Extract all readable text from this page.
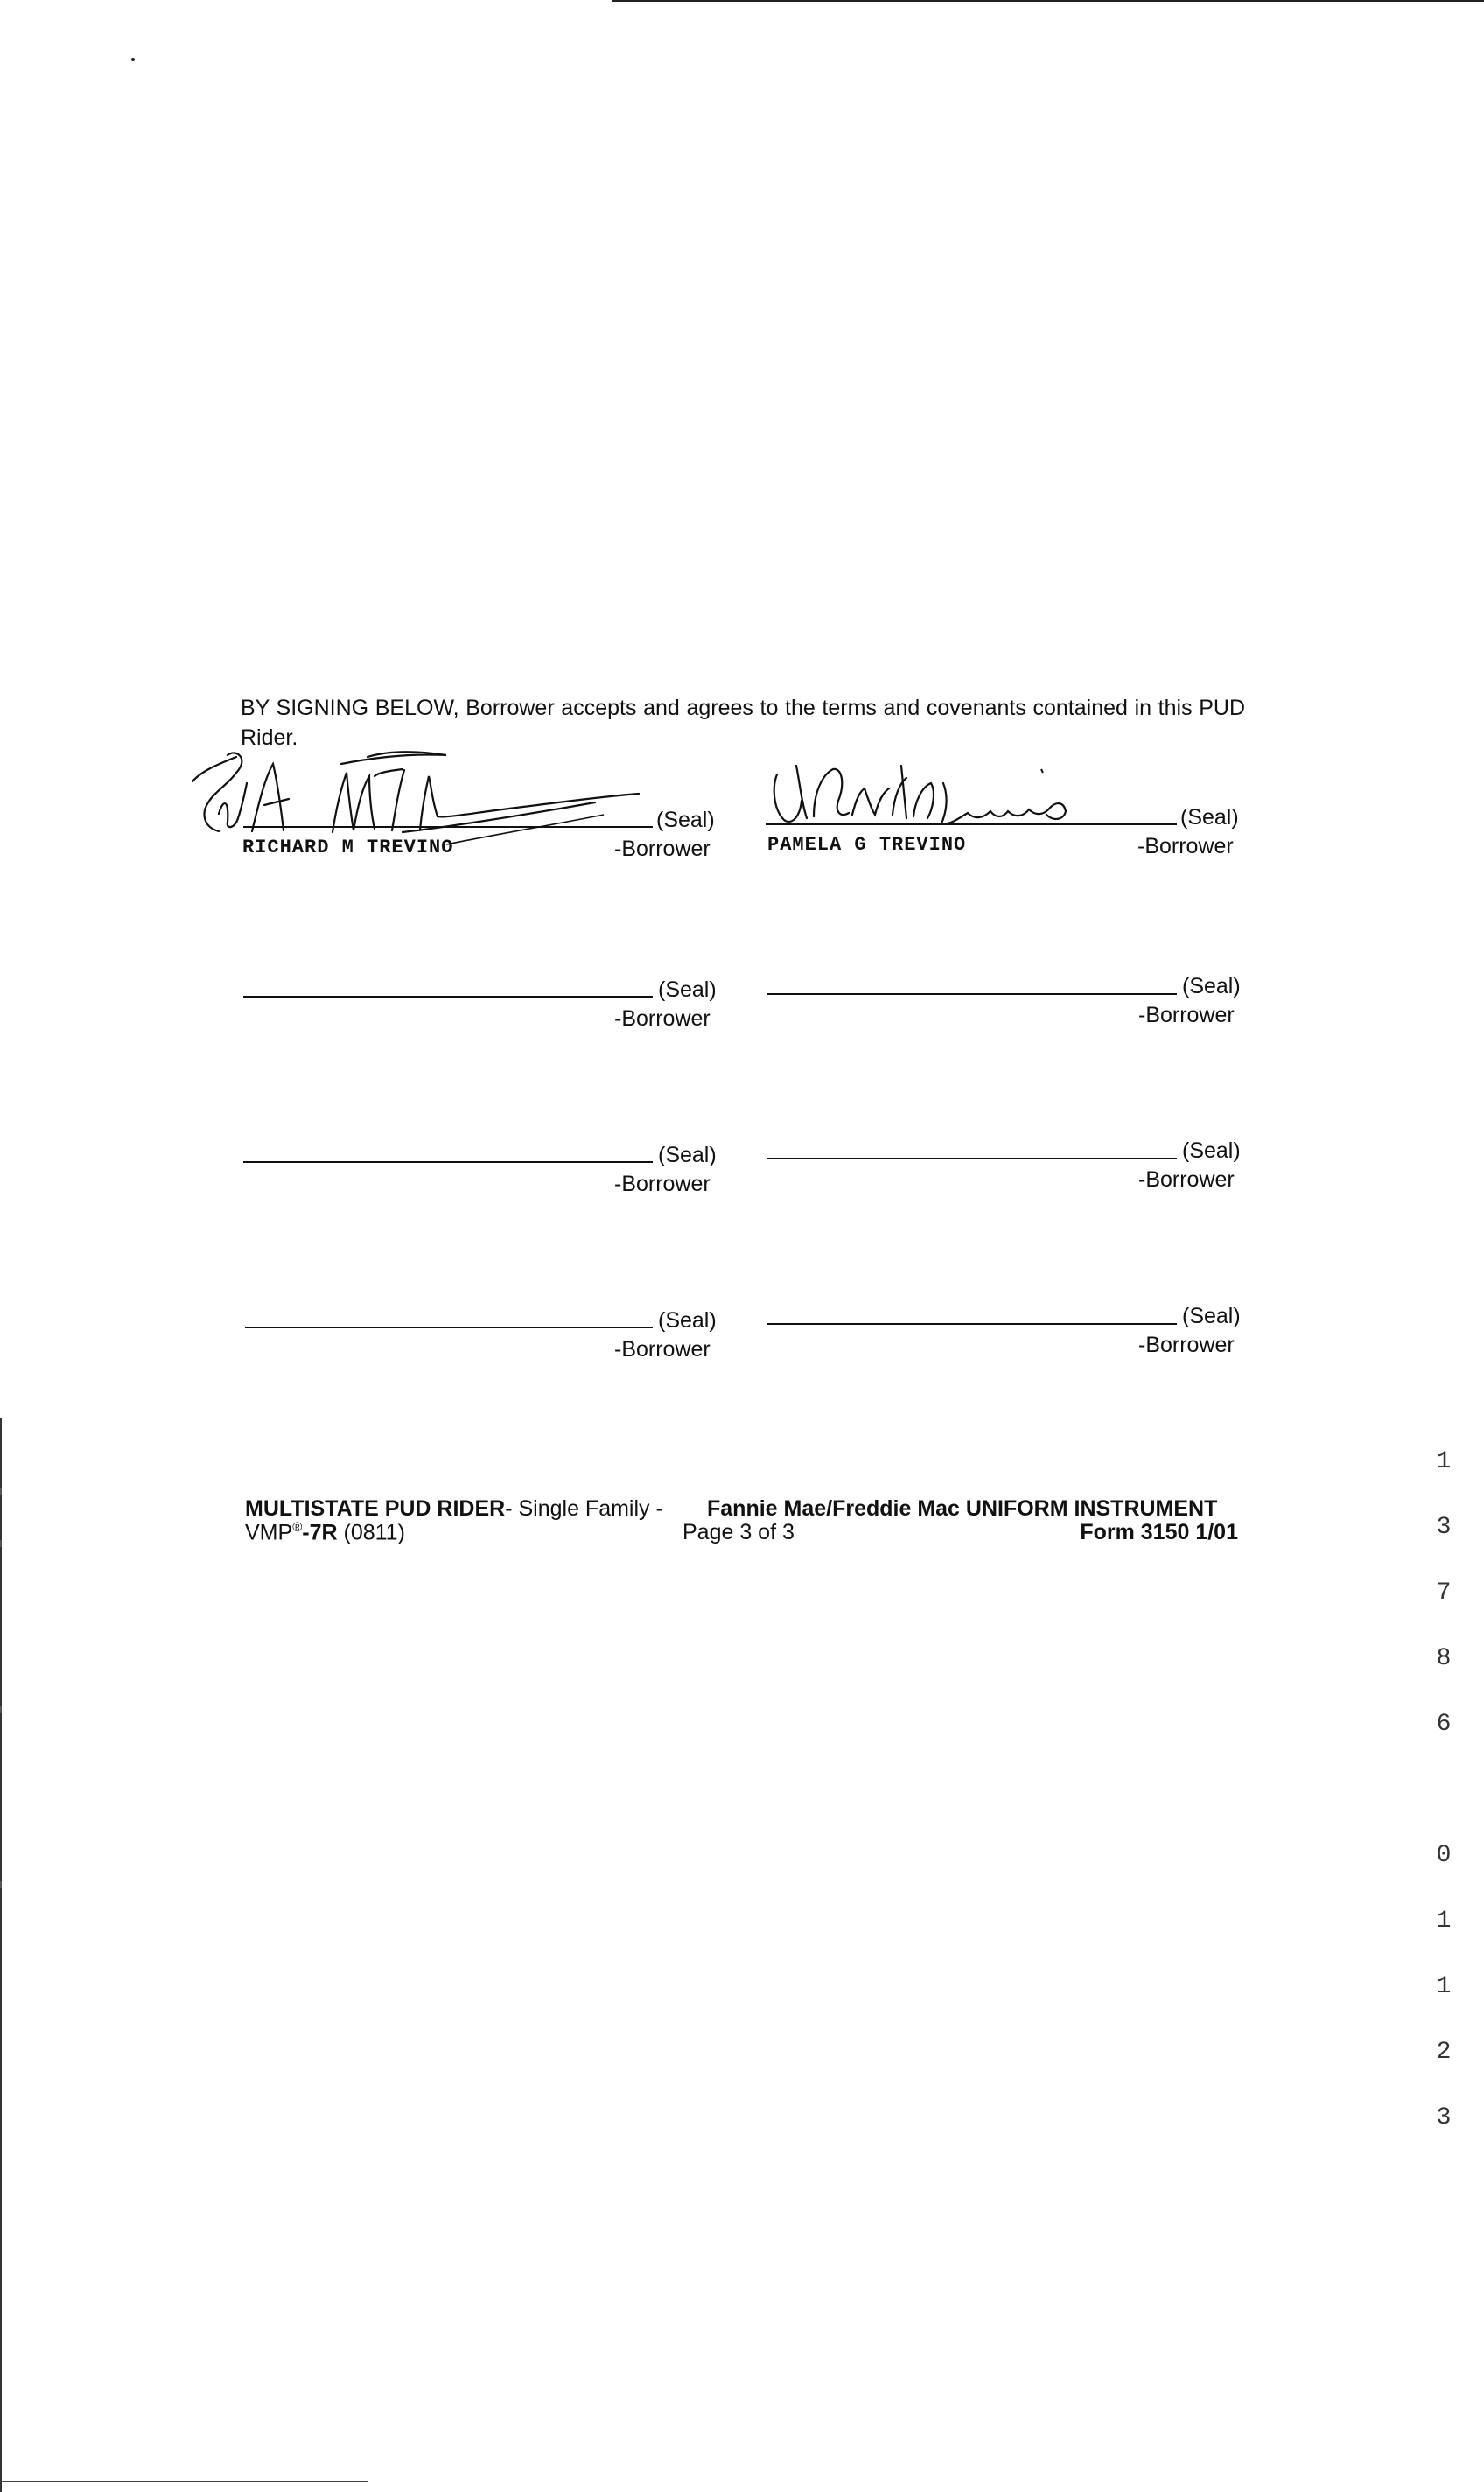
BY SIGNING BELOW, Borrower accepts and agrees to the terms and covenants contained in this PUD Rider.
(Seal)
RICHARD M TREVINO	-Borrower
(Seal)
PAMELA G TREVINO	-Borrower
(Seal)
-Borrower
(Seal)
-Borrower
(Seal)
-Borrower
(Seal)
-Borrower
(Seal)
-Borrower
(Seal)
-Borrower
MULTISTATE PUD RIDER- Single Family - Fannie Mae/Freddie Mac UNIFORM INSTRUMENT
VMP®-7R (0811)	Page 3 of 3	Form 3150 1/01

1

3

7

8

6

0

1

1

2

3
